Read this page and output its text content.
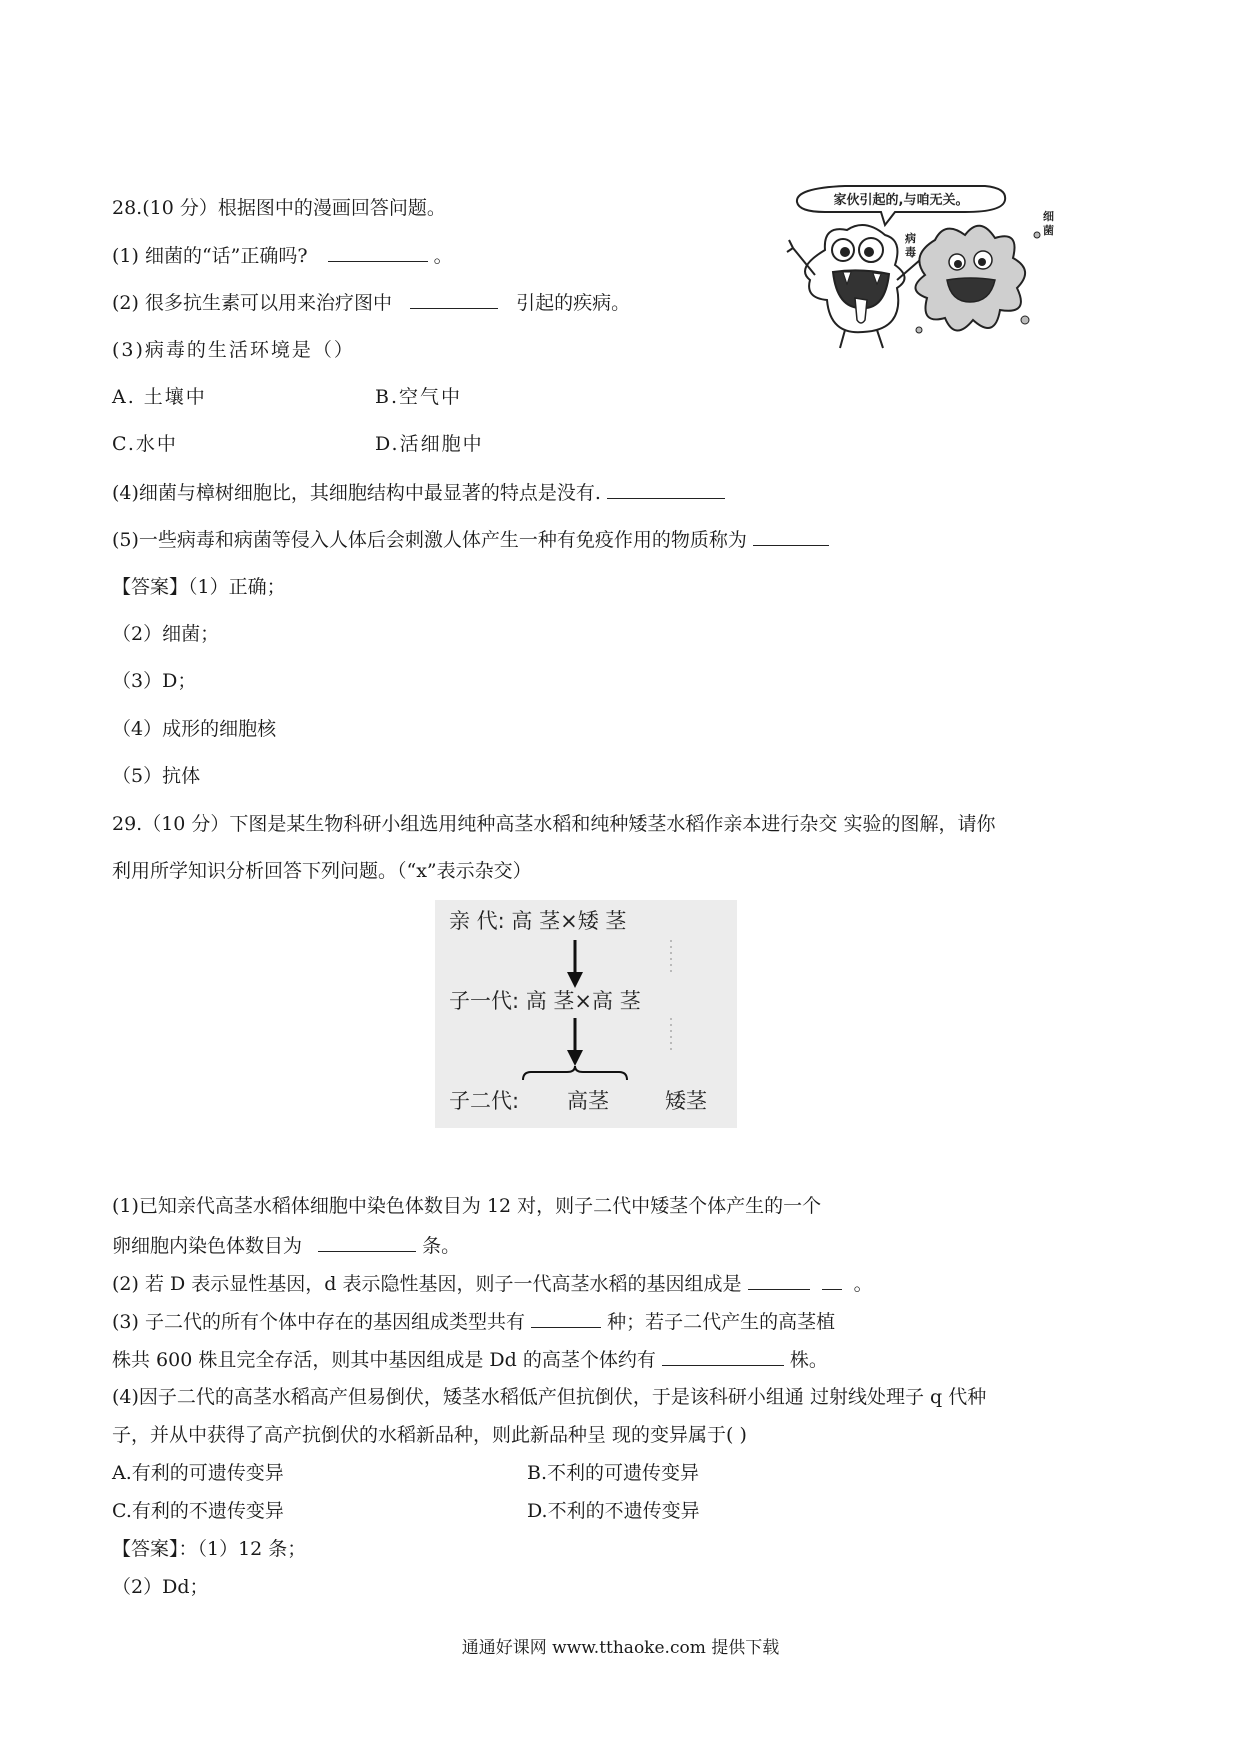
28.(10 分）根据图中的漫画回答问题。
(1) 细菌的“话”正确吗?	。
(2) 很多抗生素可以用来治疗图中	引起的疾病。
(3)病毒的生活环境是（）
A. 土壤中	B.空气中
C.水中	D.活细胞中
(4)细菌与樟树细胞比，其细胞结构中最显著的特点是没有.
(5)一些病毒和病菌等侵入人体后会刺激人体产生一种有免疫作用的物质称为
【答案】（1）正确；
（2）细菌；
（3）D；
（4）成形的细胞核
（5）抗体
家伙引起的,与咱无关。
病毒
细菌
29.（10 分）下图是某生物科研小组选用纯种高茎水稻和纯种矮茎水稻作亲本进行杂交 实验的图解，请你
利用所学知识分析回答下列问题。（“x”表示杂交）
亲 代: 高 茎×矮 茎
子一代: 高 茎×高 茎
子二代: 高茎	矮茎
(1)已知亲代高茎水稻体细胞中染色体数目为 12 对，则子二代中矮茎个体产生的一个
卵细胞内染色体数目为	条。
(2) 若 D 表示显性基因，d 表示隐性基因，则子一代高茎水稻的基因组成是	。
(3) 子二代的所有个体中存在的基因组成类型共有	种；若子二代产生的高茎植
株共 600 株且完全存活，则其中基因组成是 Dd 的高茎个体约有	株。
(4)因子二代的高茎水稻高产但易倒伏，矮茎水稻低产但抗倒伏，于是该科研小组通 过射线处理子 q 代种
子，并从中获得了高产抗倒伏的水稻新品种，则此新品种呈 现的变异属于( )
A.有利的可遗传变异	B.不利的可遗传变异
C.有利的不遗传变异	D.不利的不遗传变异
【答案】：（1）12 条；
（2）Dd；
通通好课网 www.tthaoke.com 提供下载
